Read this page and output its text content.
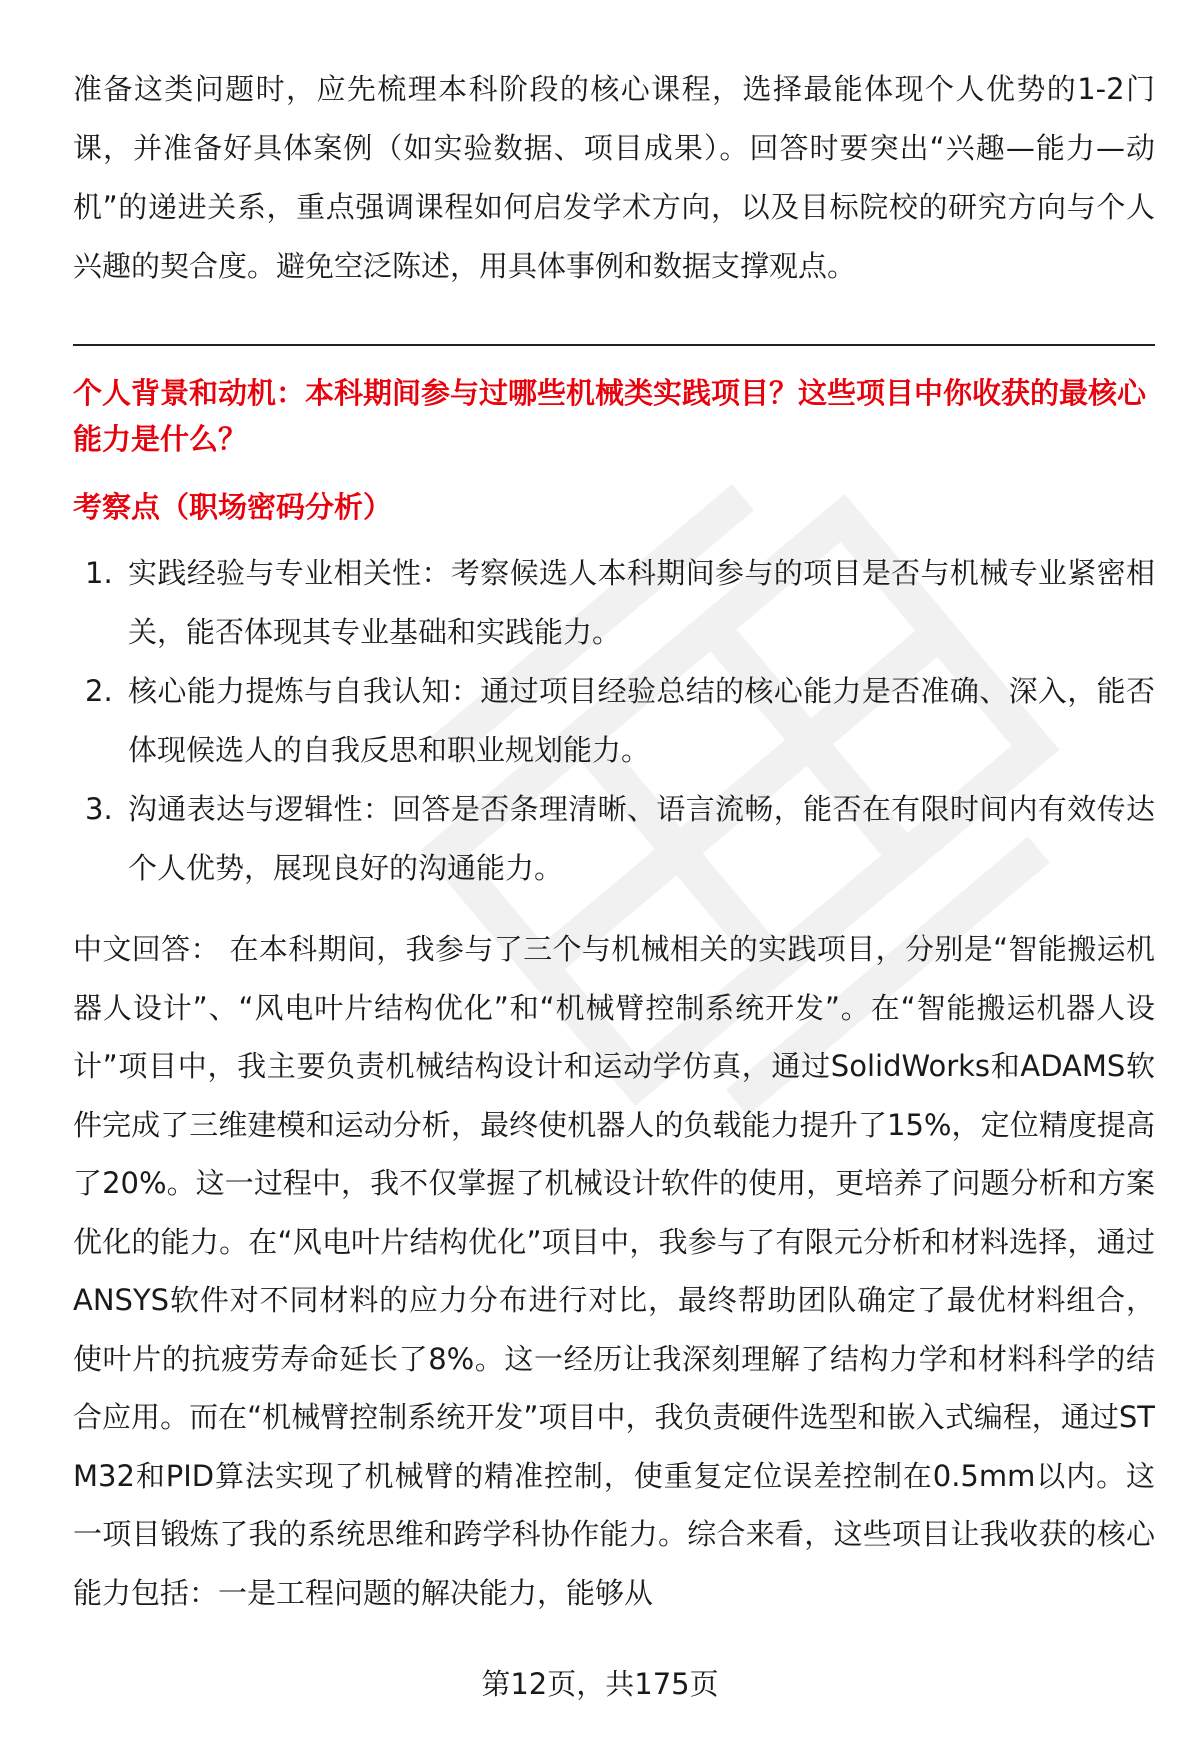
准备这类问题时，应先梳理本科阶段的核心课程，选择最能体现个人优势的1-2门课，并准备好具体案例（如实验数据、项目成果）。回答时要突出“兴趣—能力—动机”的递进关系，重点强调课程如何启发学术方向，以及目标院校的研究方向与个人兴趣的契合度。避免空泛陈述，用具体事例和数据支撑观点。

个人背景和动机：本科期间参与过哪些机械类实践项目？这些项目中你收获的最核心能力是什么？

考察点（职场密码分析）

1. 实践经验与专业相关性：考察候选人本科期间参与的项目是否与机械专业紧密相关，能否体现其专业基础和实践能力。
2. 核心能力提炼与自我认知：通过项目经验总结的核心能力是否准确、深入，能否体现候选人的自我反思和职业规划能力。
3. 沟通表达与逻辑性：回答是否条理清晰、语言流畅，能否在有限时间内有效传达个人优势，展现良好的沟通能力。

中文回答： 在本科期间，我参与了三个与机械相关的实践项目，分别是“智能搬运机器人设计”、“风电叶片结构优化”和“机械臂控制系统开发”。在“智能搬运机器人设计”项目中，我主要负责机械结构设计和运动学仿真，通过SolidWorks和ADAMS软件完成了三维建模和运动分析，最终使机器人的负载能力提升了15%，定位精度提高了20%。这一过程中，我不仅掌握了机械设计软件的使用，更培养了问题分析和方案优化的能力。在“风电叶片结构优化”项目中，我参与了有限元分析和材料选择，通过ANSYS软件对不同材料的应力分布进行对比，最终帮助团队确定了最优材料组合，使叶片的抗疲劳寿命延长了8%。这一经历让我深刻理解了结构力学和材料科学的结合应用。而在“机械臂控制系统开发”项目中，我负责硬件选型和嵌入式编程，通过STM32和PID算法实现了机械臂的精准控制，使重复定位误差控制在0.5mm以内。这一项目锻炼了我的系统思维和跨学科协作能力。综合来看，这些项目让我收获的核心能力包括：一是工程问题的解决能力，能够从

第12页，共175页
